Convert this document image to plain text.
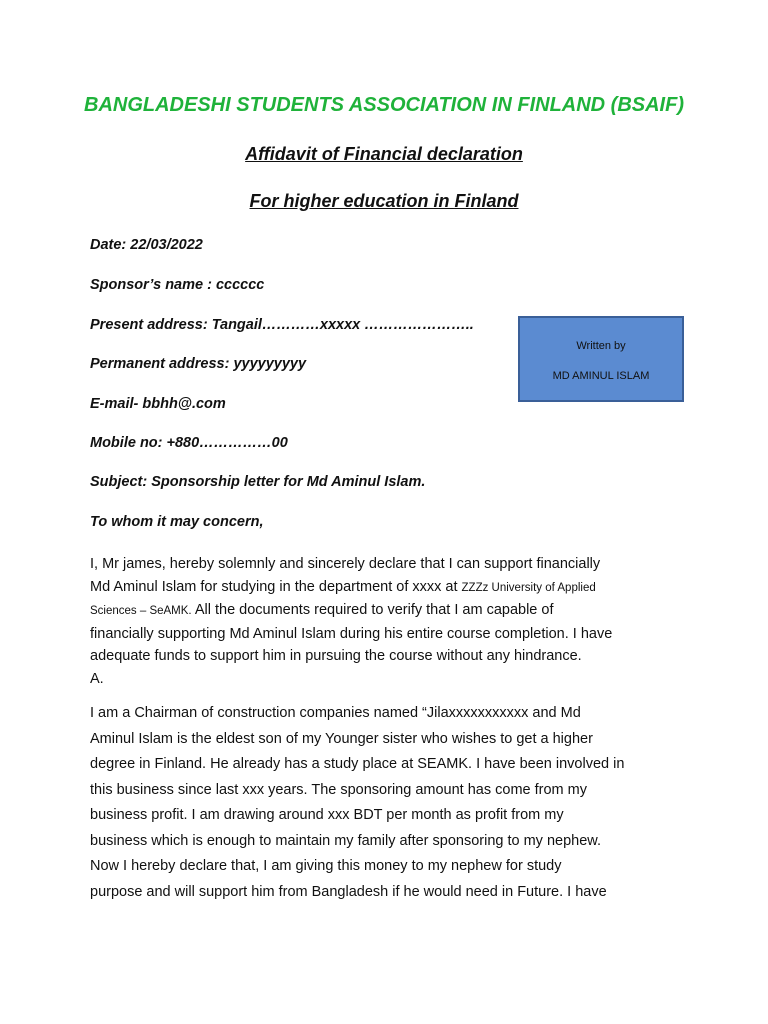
BANGLADESHI STUDENTS ASSOCIATION IN FINLAND (BSAIF)
Affidavit of Financial declaration
For higher education in Finland
Date: 22/03/2022
Sponsor’s name : cccccc
Present address: Tangail…………xxxxx …………………..
Permanent address: yyyyyyyyy
E-mail- bbhh@.com
Mobile no: +880……………00
Subject: Sponsorship letter for Md Aminul Islam.
To whom it may concern,
Written by
MD AMINUL ISLAM
I, Mr james, hereby solemnly and sincerely declare that I can support financially
Md Aminul Islam for studying in the department of xxxx at ZZZz University of Applied
Sciences – SeAMK. All the documents required to verify that I am capable of
financially supporting Md Aminul Islam during his entire course completion. I have
adequate funds to support him in pursuing the course without any hindrance.
A.
I am a Chairman of construction companies named “Jilaxxxxxxxxxxx and Md
Aminul Islam is the eldest son of my Younger sister who wishes to get a higher
degree in Finland. He already has a study place at SEAMK. I have been involved in
this business since last xxx years. The sponsoring amount has come from my
business profit. I am drawing around xxx BDT per month as profit from my
business which is enough to maintain my family after sponsoring to my nephew.
Now I hereby declare that, I am giving this money to my nephew for study
purpose and will support him from Bangladesh if he would need in Future. I have
